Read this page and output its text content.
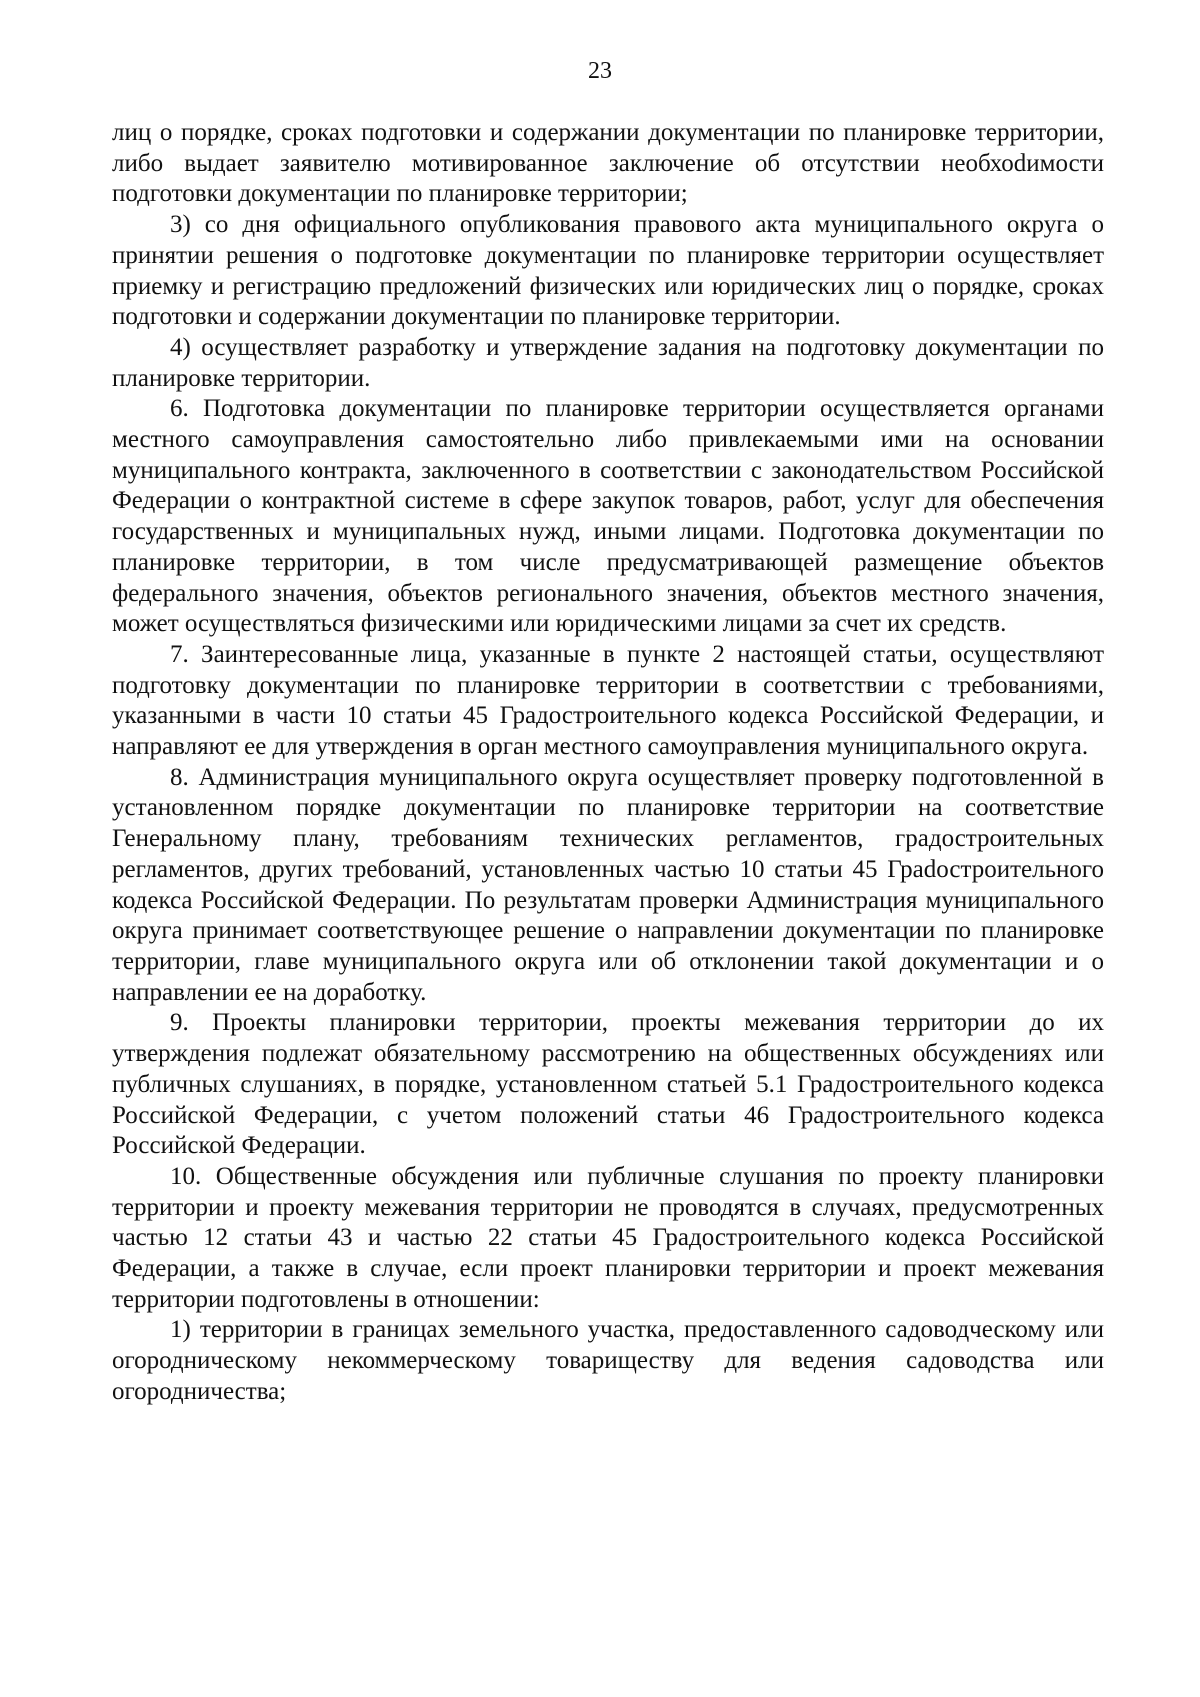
23

лиц о порядке, сроках подготовки и содержании документации по планировке территории, либо выдает заявителю мотивированное заключение об отсутствии необхоdимости подготовки документации по планировке территории;

3) со дня официального опубликования правового акта муниципального округа о принятии решения о подготовке документации по планировке территории осуществляет приемку и регистрацию предложений физических или юридических лиц о порядке, сроках подготовки и содержании документации по планировке территории.

4) осуществляет разработку и утверждение задания на подготовку документации по планировке территории.

6. Подготовка документации по планировке территории осуществляется органами местного самоуправления самостоятельно либо привлекаемыми ими на основании муниципального контракта, заключенного в соответствии с законодательством Российской Федерации о контрактной системе в сфере закупок товаров, работ, услуг для обеспечения государственных и муниципальных нужд, иными лицами. Подготовка документации по планировке территории, в том числе предусматривающей размещение объектов федерального значения, объектов регионального значения, объектов местного значения, может осуществляться физическими или юридическими лицами за счет их средств.

7. Заинтересованные лица, указанные в пункте 2 настоящей статьи, осуществляют подготовку документации по планировке территории в соответствии с требованиями, указанными в части 10 статьи 45 Градостроительного кодекса Российской Федерации, и направляют ее для утверждения в орган местного самоуправления муниципального округа.

8. Администрация муниципального округа осуществляет проверку подготовленной в установленном порядке документации по планировке территории на соответствие Генеральному плану, требованиям технических регламентов, градостроительных регламентов, других требований, установленных частью 10 статьи 45 Граdостроительного кодекса Российской Федерации. По результатам проверки Администрация муниципального округа принимает соответствующее решение о направлении документации по планировке территории, главе муниципального округа или об отклонении такой документации и о направлении ее на доработку.

9. Проекты планировки территории, проекты межевания территории до их утверждения подлежат обязательному рассмотрению на общественных обсуждениях или публичных слушаниях, в порядке, установленном статьей 5.1 Градостроительного кодекса Российской Федерации, с учетом положений статьи 46 Градостроительного кодекса Российской Федерации.

10. Общественные обсуждения или публичные слушания по проекту планировки территории и проекту межевания территории не проводятся в случаях, предусмотренных частью 12 статьи 43 и частью 22 статьи 45 Градостроительного кодекса Российской Федерации, а также в случае, если проект планировки территории и проект межевания территории подготовлены в отношении:

1) территории в границах земельного участка, предоставленного садоводческому или огородническому некоммерческому товариществу для ведения садоводства или огородничества;
